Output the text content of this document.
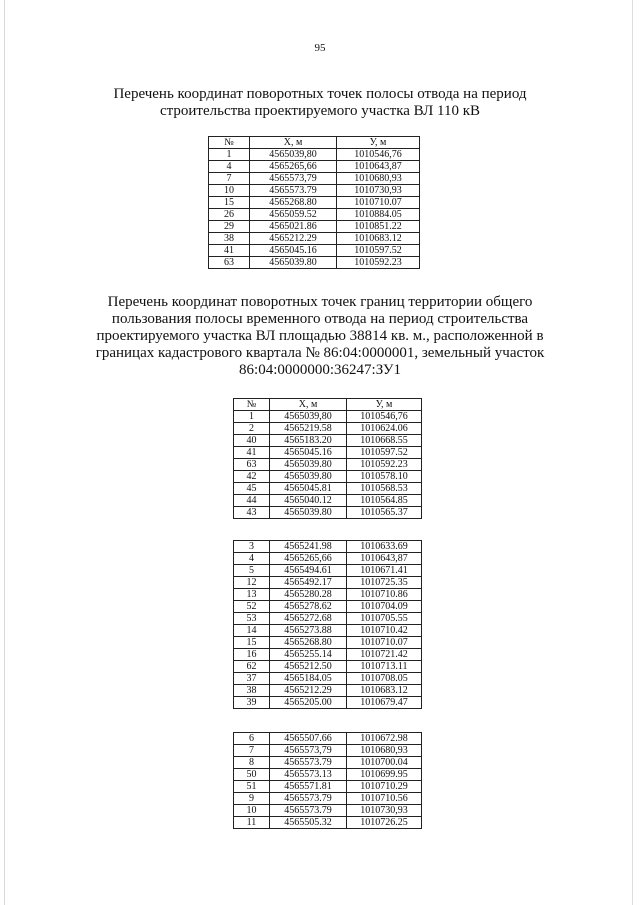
95
Перечень координат поворотных точек полосы отвода на период
строительства проектируемого участка ВЛ 110 кВ
№	Х, м	У, м
1	4565039,80	1010546,76
4	4565265,66	1010643,87
7	4565573,79	1010680,93
10	4565573.79	1010730,93
15	4565268.80	1010710.07
26	4565059.52	1010884.05
29	4565021.86	1010851.22
38	4565212.29	1010683.12
41	4565045.16	1010597.52
63	4565039.80	1010592.23
Перечень координат поворотных точек границ территории общего
пользования полосы временного отвода на период строительства
проектируемого участка ВЛ площадью 38814 кв. м., расположенной в
границах кадастрового квартала № 86:04:0000001, земельный участок
86:04:0000000:36247:ЗУ1
№	Х, м	У, м
1	4565039,80	1010546,76
2	4565219.58	1010624.06
40	4565183.20	1010668.55
41	4565045.16	1010597.52
63	4565039.80	1010592.23
42	4565039.80	1010578.10
45	4565045.81	1010568.53
44	4565040.12	1010564.85
43	4565039.80	1010565.37
3	4565241.98	1010633.69
4	4565265,66	1010643,87
5	4565494.61	1010671.41
12	4565492.17	1010725.35
13	4565280.28	1010710.86
52	4565278.62	1010704.09
53	4565272.68	1010705.55
14	4565273.88	1010710.42
15	4565268.80	1010710.07
16	4565255.14	1010721.42
62	4565212.50	1010713.11
37	4565184.05	1010708.05
38	4565212.29	1010683.12
39	4565205.00	1010679.47
6	4565507.66	1010672.98
7	4565573,79	1010680,93
8	4565573.79	1010700.04
50	4565573.13	1010699.95
51	4565571.81	1010710.29
9	4565573.79	1010710.56
10	4565573.79	1010730,93
11	4565505.32	1010726.25
